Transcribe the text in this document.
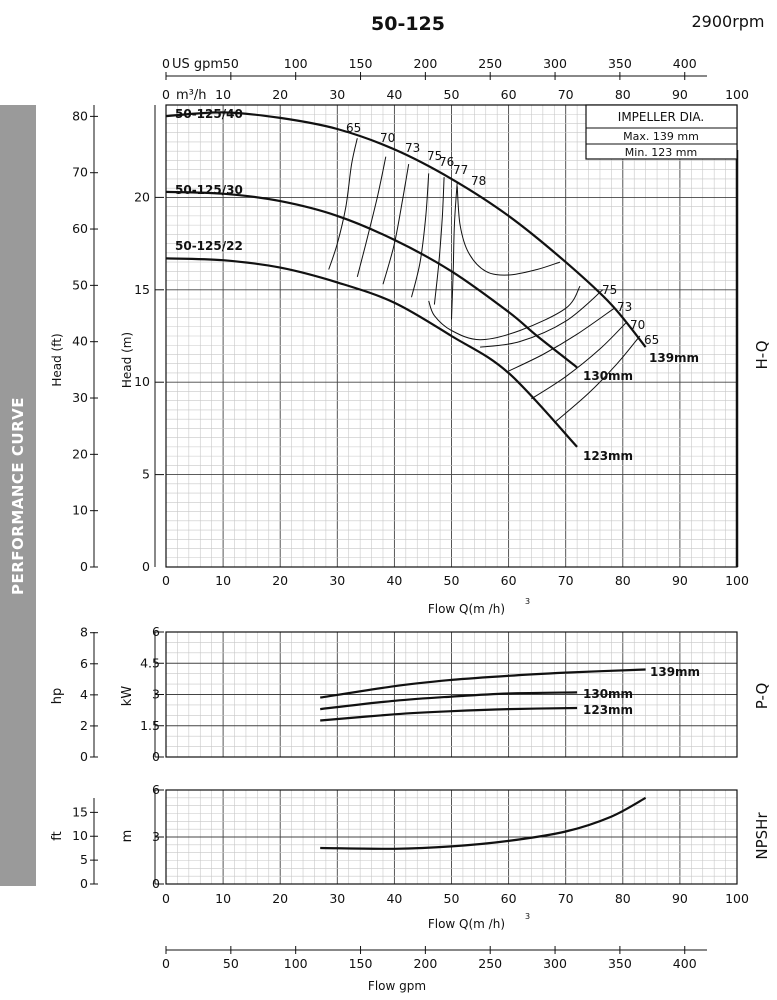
PERFORMANCE CURVE
50-125	2900rpm
US gpm
m³/h
IMPELLER DIA.
Max. 139 mm
Min. 123 mm
Head (ft)	Head (m)	H-Q
Flow Q(m /h)
3
hp	kW	P-Q
ft	m	NPSHr
Flow Q(m /h)
3
Flow gpm
50	100	150	200	250	300	350	400
0
0	10	20	30	40	50	60	70	80	90	100
5
10
15
20
0
0
10
20
30
40
50
60
70
80
0	10	20	30	40	50	60	70	80	90	100
0
1.5
3
4.5
6
0
2
4
6
8
0
3
6
0
5
10
15
0	10	20	30	40	50	60	70	80	90	100
0	50	100	150	200	250	300	350	400
50-125/40
139mm
50-125/30
130mm
50-125/22
123mm
65
70
73
75
76
77
78
75
73
70
65
139mm
130mm
123mm
